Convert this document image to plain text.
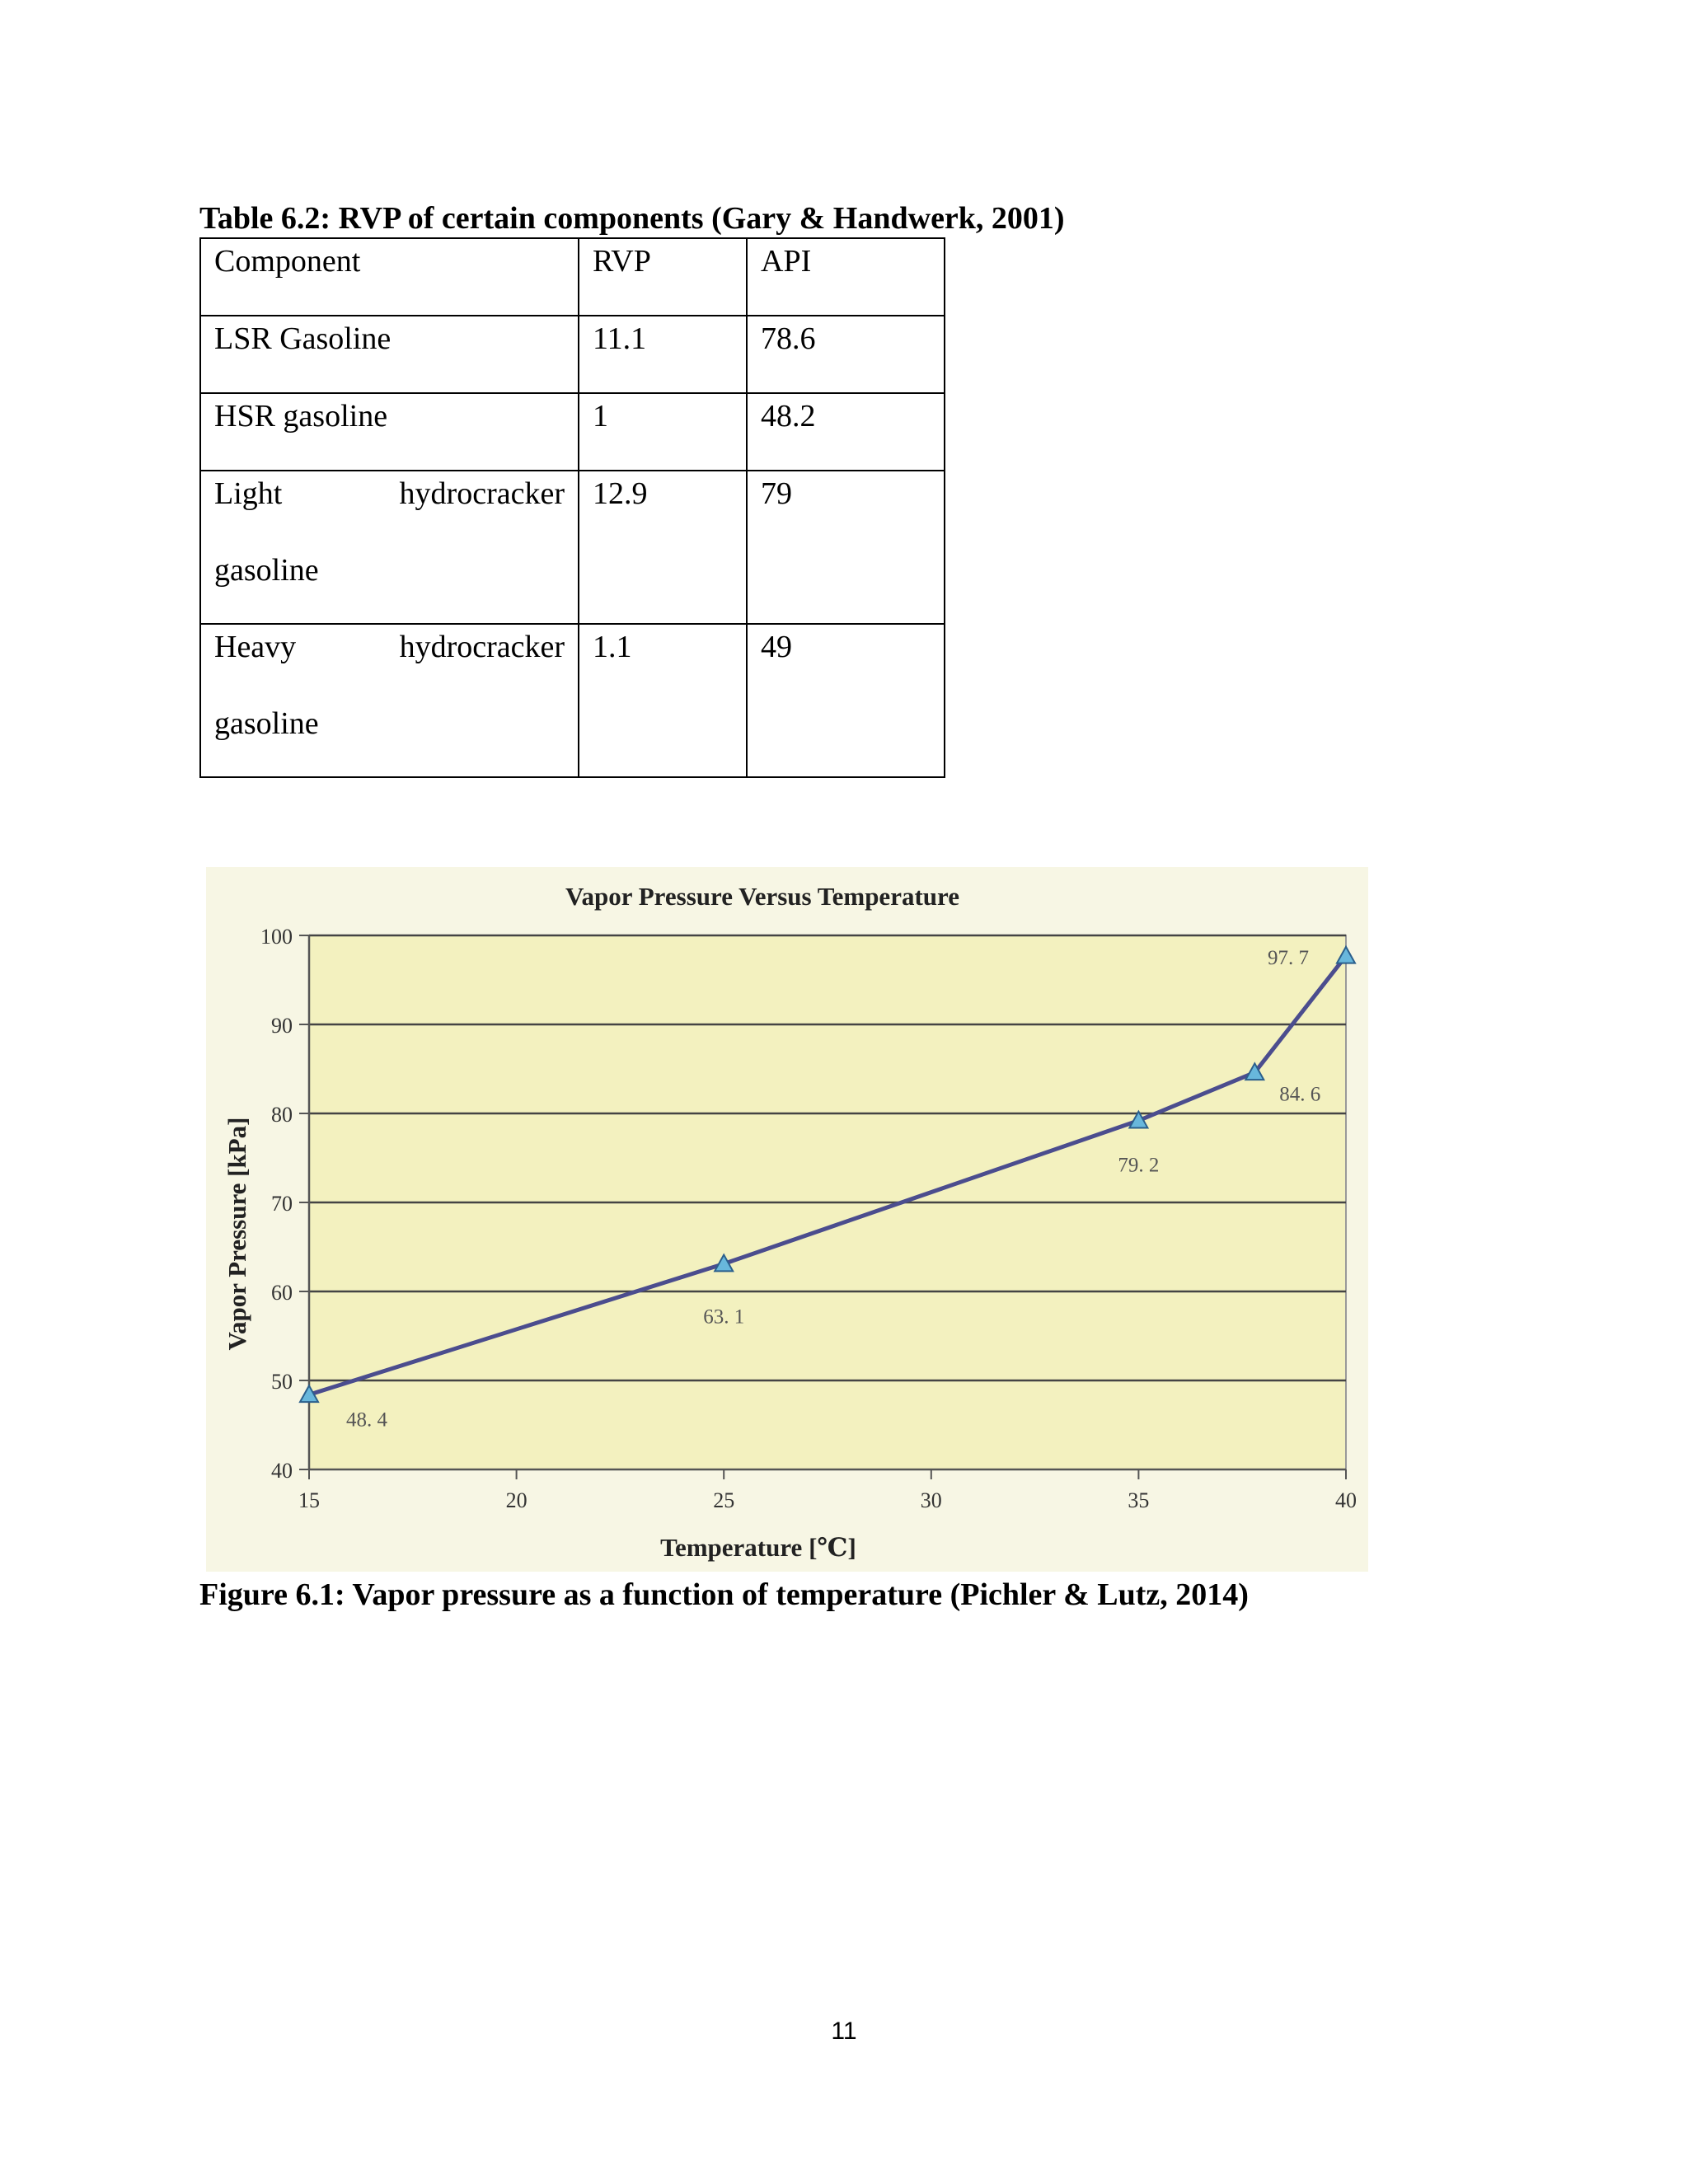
Table 6.2: RVP of certain components (Gary & Handwerk, 2001)
Component	RVP	API
LSR Gasoline	11.1	78.6
HSR gasoline	1	48.2

Light hydrocracker
gasoline	12.9	79

Heavy hydrocracker
gasoline	1.1	49
40
50
60
70
80
90
100
15	20	25	30	35	40
48. 4
63. 1
79. 2
84. 6
97. 7
Vapor Pressure Versus Temperature
Temperature [℃]
Vapor Pressure [kPa]
Figure 6.1: Vapor pressure as a function of temperature (Pichler & Lutz, 2014)
11
